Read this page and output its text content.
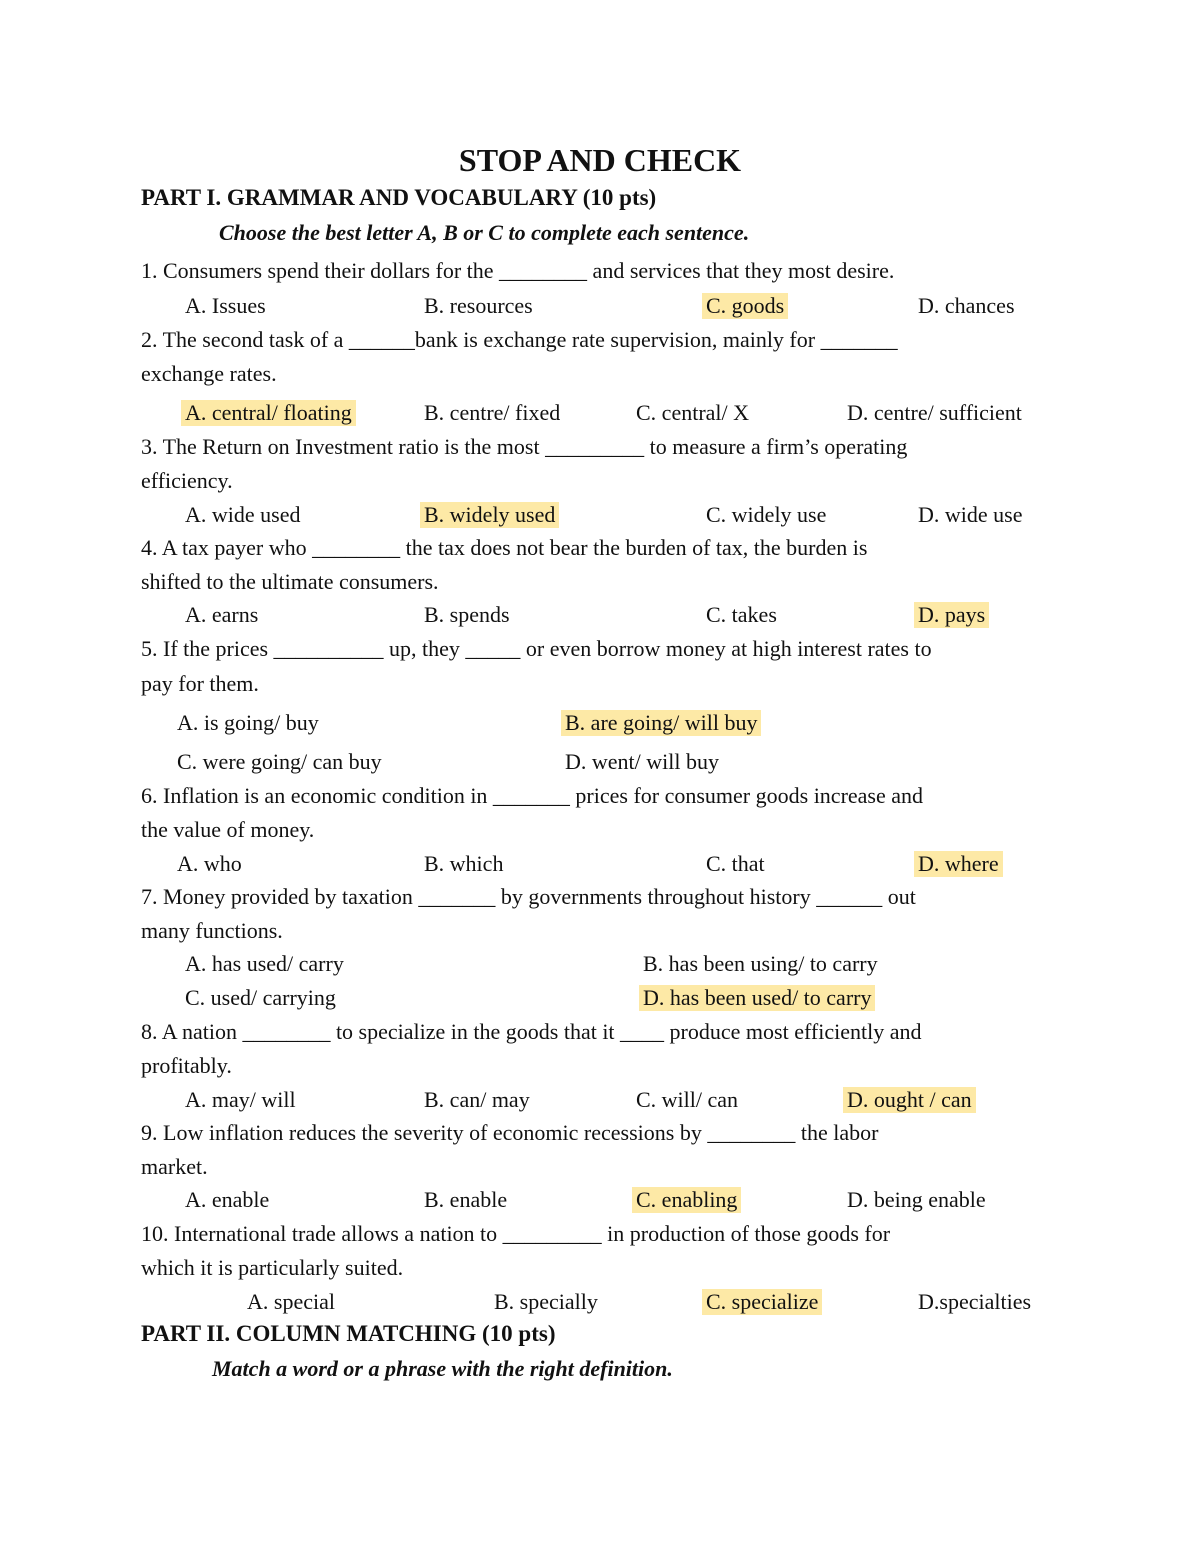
STOP AND CHECK
PART I. GRAMMAR AND VOCABULARY (10 pts)
Choose the best letter A, B or C to complete each sentence.
1. Consumers spend their dollars for the ________ and services that they most desire.
A. Issues	B. resources	C. goods	D. chances
2. The second task of a ______bank is exchange rate supervision, mainly for _______
exchange rates.
A. central/ floating	B. centre/ fixed	C. central/ X	D. centre/ sufficient
3. The Return on Investment ratio is the most _________ to measure a firm’s operating
efficiency.
A. wide used	B. widely used	C. widely use	D. wide use
4. A tax payer who ________ the tax does not bear the burden of tax, the burden is
shifted to the ultimate consumers.
A. earns	B. spends	C. takes	D. pays
5. If the prices __________ up, they _____ or even borrow money at high interest rates to
pay for them.
A. is going/ buy	B. are going/ will buy
C. were going/ can buy	D. went/ will buy
6. Inflation is an economic condition in _______ prices for consumer goods increase and
the value of money.
A. who	B. which	C. that	D. where
7. Money provided by taxation _______ by governments throughout history ______ out
many functions.
A. has used/ carry	B. has been using/ to carry
C. used/ carrying	D. has been used/ to carry
8. A nation ________ to specialize in the goods that it ____ produce most efficiently and
profitably.
A. may/ will	B. can/ may	C. will/ can	D. ought / can
9. Low inflation reduces the severity of economic recessions by ________ the labor
market.
A. enable	B. enable	C. enabling	D. being enable
10. International trade allows a nation to _________ in production of those goods for
which it is particularly suited.
A. special	B. specially	C. specialize	D.specialties
PART II. COLUMN MATCHING (10 pts)
Match a word or a phrase with the right definition.
